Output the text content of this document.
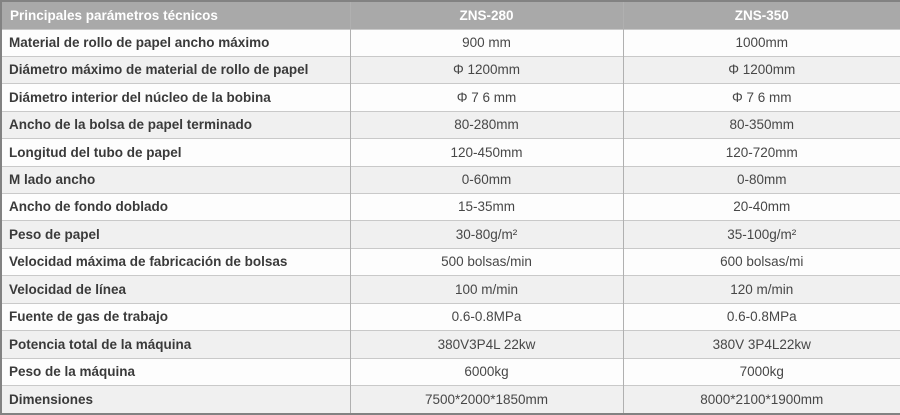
Principales parámetros técnicos	ZNS-280	ZNS-350
Material de rollo de papel ancho máximo	900 mm	1000mm
Diámetro máximo de material de rollo de papel	Φ 1200mm	Φ 1200mm
Diámetro interior del núcleo de la bobina	Φ 7 6 mm	Φ 7 6 mm
Ancho de la bolsa de papel terminado	80-280mm	80-350mm
Longitud del tubo de papel	120-450mm	120-720mm
M lado ancho	0-60mm	0-80mm
Ancho de fondo doblado	15-35mm	20-40mm
Peso de papel	30-80g/m²	35-100g/m²
Velocidad máxima de fabricación de bolsas	500 bolsas/min	600 bolsas/mi
Velocidad de línea	100 m/min	120 m/min
Fuente de gas de trabajo	0.6-0.8MPa	0.6-0.8MPa
Potencia total de la máquina	380V3P4L 22kw	380V 3P4L22kw
Peso de la máquina	6000kg	7000kg
Dimensiones	7500*2000*1850mm	8000*2100*1900mm
